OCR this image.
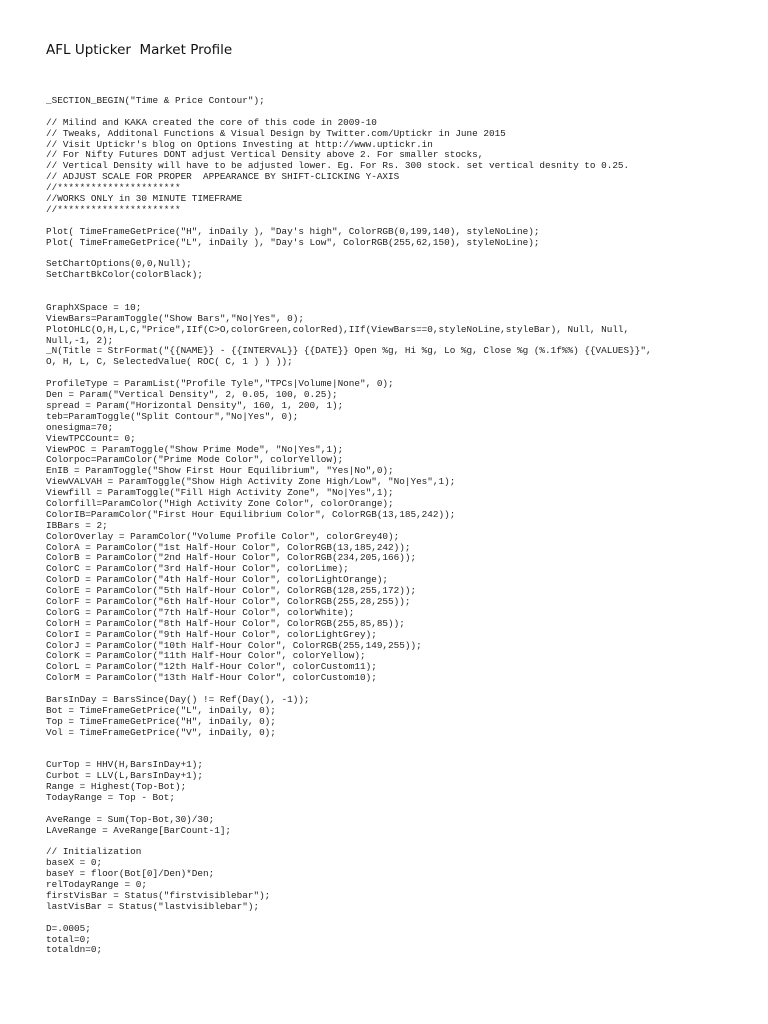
AFL Upticker  Market Profile
_SECTION_BEGIN("Time & Price Contour");
// Milind and KAKA created the core of this code in 2009-10
// Tweaks, Additonal Functions & Visual Design by Twitter.com/Uptickr in June 2015
// Visit Uptickr's blog on Options Investing at http://www.uptickr.in
// For Nifty Futures DONT adjust Vertical Density above 2. For smaller stocks,
// Vertical Density will have to be adjusted lower. Eg. For Rs. 300 stock. set vertical desnity to 0.25.
// ADJUST SCALE FOR PROPER  APPEARANCE BY SHIFT-CLICKING Y-AXIS
//**********************
//WORKS ONLY in 30 MINUTE TIMEFRAME
//**********************
Plot( TimeFrameGetPrice("H", inDaily ), "Day's high", ColorRGB(0,199,140), styleNoLine);
Plot( TimeFrameGetPrice("L", inDaily ), "Day's Low", ColorRGB(255,62,150), styleNoLine);
SetChartOptions(0,0,Null);
SetChartBkColor(colorBlack);
GraphXSpace = 10;
ViewBars=ParamToggle("Show Bars","No|Yes", 0);
PlotOHLC(O,H,L,C,"Price",IIf(C>O,colorGreen,colorRed),IIf(ViewBars==0,styleNoLine,styleBar), Null, Null,
Null,-1, 2);
_N(Title = StrFormat("{{NAME}} - {{INTERVAL}} {{DATE}} Open %g, Hi %g, Lo %g, Close %g (%.1f%%) {{VALUES}}",
O, H, L, C, SelectedValue( ROC( C, 1 ) ) ));
ProfileType = ParamList("Profile Tyle","TPCs|Volume|None", 0);
Den = Param("Vertical Density", 2, 0.05, 100, 0.25);
spread = Param("Horizontal Density", 160, 1, 200, 1);
teb=ParamToggle("Split Contour","No|Yes", 0);
onesigma=70;
ViewTPCCount= 0;
ViewPOC = ParamToggle("Show Prime Mode", "No|Yes",1);
Colorpoc=ParamColor("Prime Mode Color", colorYellow);
EnIB = ParamToggle("Show First Hour Equilibrium", "Yes|No",0);
ViewVALVAH = ParamToggle("Show High Activity Zone High/Low", "No|Yes",1);
Viewfill = ParamToggle("Fill High Activity Zone", "No|Yes",1);
Colorfill=ParamColor("High Activity Zone Color", colorOrange);
ColorIB=ParamColor("First Hour Equilibrium Color", ColorRGB(13,185,242));
IBBars = 2;
ColorOverlay = ParamColor("Volume Profile Color", colorGrey40);
ColorA = ParamColor("1st Half-Hour Color", ColorRGB(13,185,242));
ColorB = ParamColor("2nd Half-Hour Color", ColorRGB(234,205,166));
ColorC = ParamColor("3rd Half-Hour Color", colorLime);
ColorD = ParamColor("4th Half-Hour Color", colorLightOrange);
ColorE = ParamColor("5th Half-Hour Color", ColorRGB(128,255,172));
ColorF = ParamColor("6th Half-Hour Color", ColorRGB(255,28,255));
ColorG = ParamColor("7th Half-Hour Color", colorWhite);
ColorH = ParamColor("8th Half-Hour Color", ColorRGB(255,85,85));
ColorI = ParamColor("9th Half-Hour Color", colorLightGrey);
ColorJ = ParamColor("10th Half-Hour Color", ColorRGB(255,149,255));
ColorK = ParamColor("11th Half-Hour Color", colorYellow);
ColorL = ParamColor("12th Half-Hour Color", colorCustom11);
ColorM = ParamColor("13th Half-Hour Color", colorCustom10);
BarsInDay = BarsSince(Day() != Ref(Day(), -1));
Bot = TimeFrameGetPrice("L", inDaily, 0);
Top = TimeFrameGetPrice("H", inDaily, 0);
Vol = TimeFrameGetPrice("V", inDaily, 0);
CurTop = HHV(H,BarsInDay+1);
Curbot = LLV(L,BarsInDay+1);
Range = Highest(Top-Bot);
TodayRange = Top - Bot;
AveRange = Sum(Top-Bot,30)/30;
LAveRange = AveRange[BarCount-1];
// Initialization
baseX = 0;
baseY = floor(Bot[0]/Den)*Den;
relTodayRange = 0;
firstVisBar = Status("firstvisiblebar");
lastVisBar = Status("lastvisiblebar");
D=.0005;
total=0;
totaldn=0;
